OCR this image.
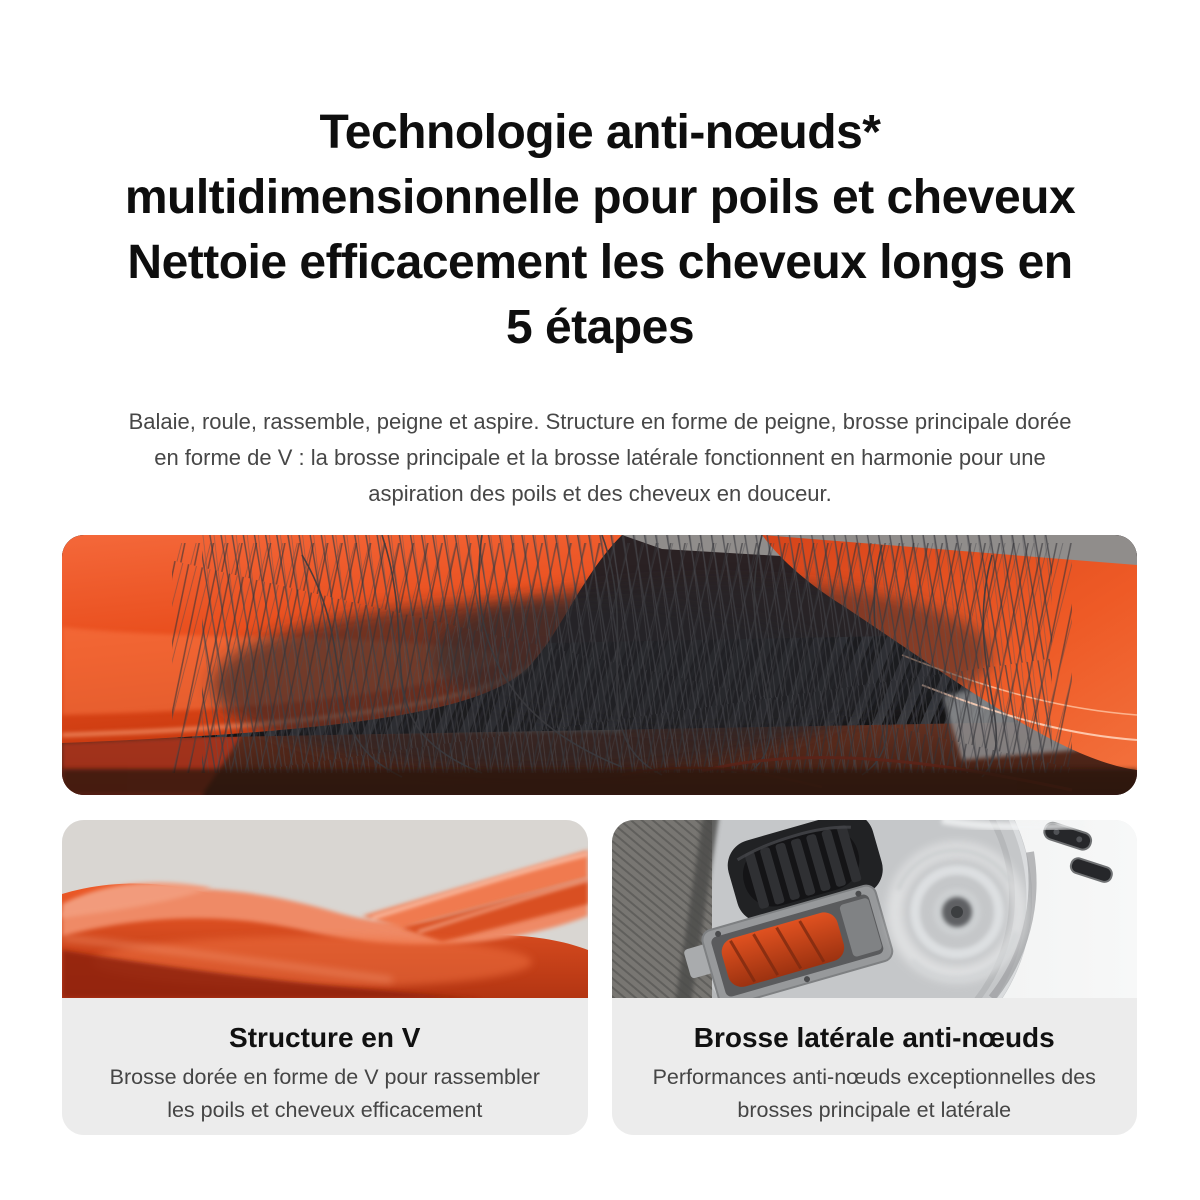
Technologie anti-nœuds*
multidimensionnelle pour poils et cheveux
Nettoie efficacement les cheveux longs en
5 étapes
Balaie, roule, rassemble, peigne et aspire. Structure en forme de peigne, brosse principale dorée
en forme de V : la brosse principale et la brosse latérale fonctionnent en harmonie pour une
aspiration des poils et des cheveux en douceur.
Structure en V
Brosse dorée en forme de V pour rassembler
les poils et cheveux efficacement
Brosse latérale anti-nœuds
Performances anti-nœuds exceptionnelles des
brosses principale et latérale
